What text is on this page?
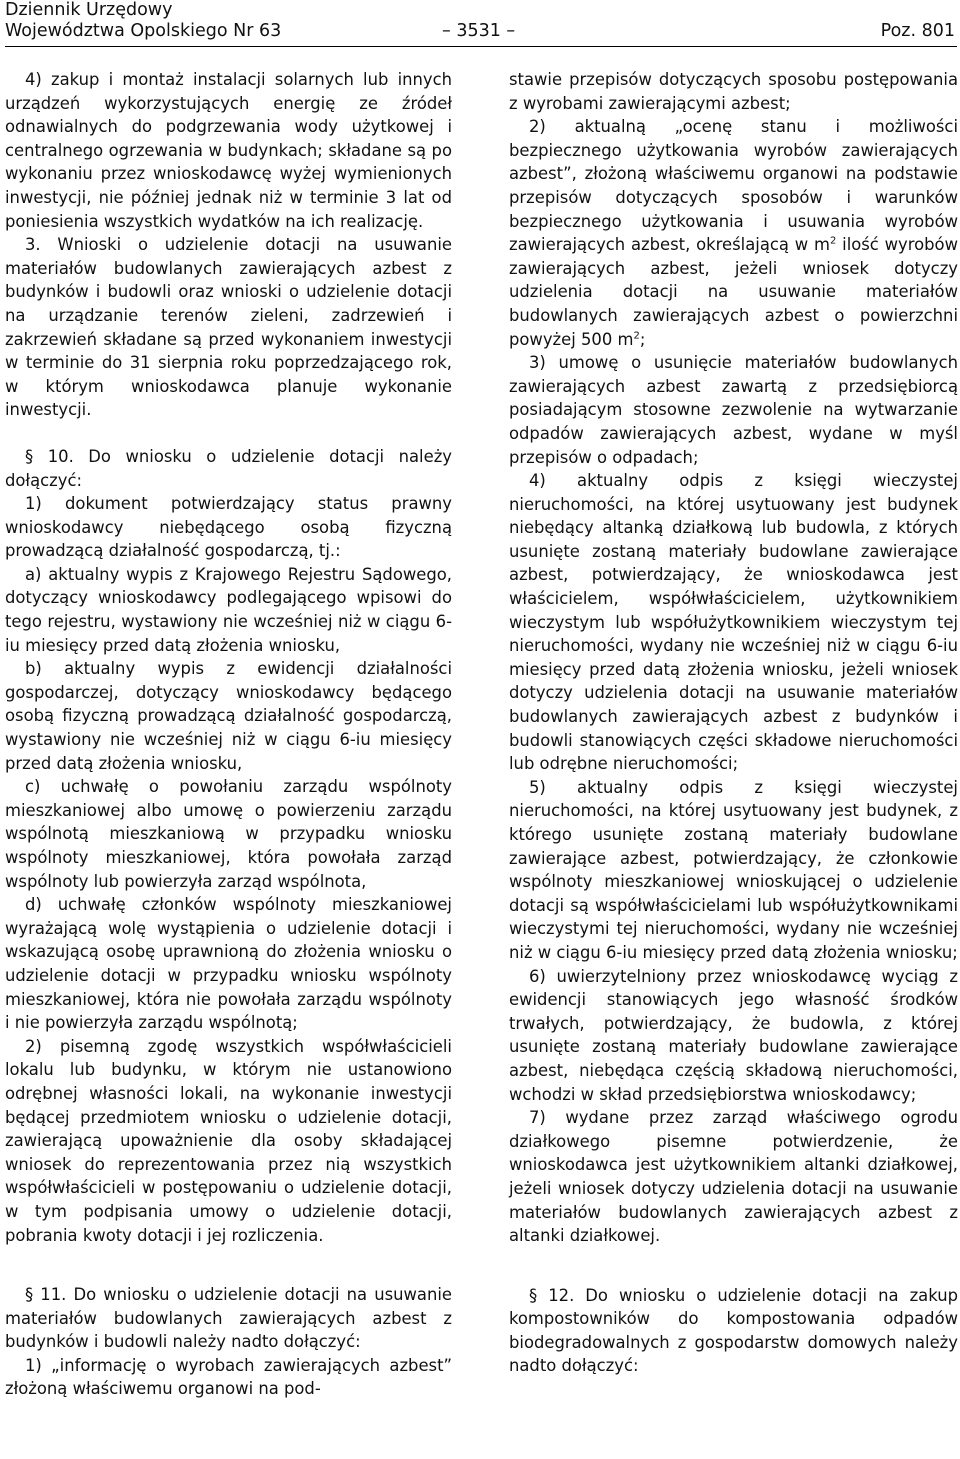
Dziennik Urzędowy
Województwa Opolskiego Nr 63	– 3531 –	Poz. 801

4) zakup i montaż instalacji solarnych lub innych urządzeń wykorzystujących energię ze źródeł odnawialnych do podgrzewania wody użytkowej i centralnego ogrzewania w budynkach; składane są po wykonaniu przez wnioskodawcę wyżej wymienionych inwestycji, nie później jednak niż w terminie 3 lat od poniesienia wszystkich wydatków na ich realizację.

3. Wnioski o udzielenie dotacji na usuwanie materiałów budowlanych zawierających azbest z budynków i budowli oraz wnioski o udzielenie dotacji na urządzanie terenów zieleni, zadrzewień i zakrzewień składane są przed wykonaniem inwestycji w terminie do 31 sierpnia roku poprzedzającego rok, w którym wnioskodawca planuje wykonanie inwestycji.

§ 10. Do wniosku o udzielenie dotacji należy dołączyć:

1) dokument potwierdzający status prawny wnioskodawcy niebędącego osobą fizyczną prowadzącą działalność gospodarczą, tj.:

a) aktualny wypis z Krajowego Rejestru Sądowego, dotyczący wnioskodawcy podlegającego wpisowi do tego rejestru, wystawiony nie wcześniej niż w ciągu 6-iu miesięcy przed datą złożenia wniosku,

b) aktualny wypis z ewidencji działalności gospodarczej, dotyczący wnioskodawcy będącego osobą fizyczną prowadzącą działalność gospodarczą, wystawiony nie wcześniej niż w ciągu 6-iu miesięcy przed datą złożenia wniosku,

c) uchwałę o powołaniu zarządu wspólnoty mieszkaniowej albo umowę o powierzeniu zarządu wspólnotą mieszkaniową w przypadku wniosku wspólnoty mieszkaniowej, która powołała zarząd wspólnoty lub powierzyła zarząd wspólnota,

d) uchwałę członków wspólnoty mieszkaniowej wyrażającą wolę wystąpienia o udzielenie dotacji i wskazującą osobę uprawnioną do złożenia wniosku o udzielenie dotacji w przypadku wniosku wspólnoty mieszkaniowej, która nie powołała zarządu wspólnoty i nie powierzyła zarządu wspólnotą;

2) pisemną zgodę wszystkich współwłaścicieli lokalu lub budynku, w którym nie ustanowiono odrębnej własności lokali, na wykonanie inwestycji będącej przedmiotem wniosku o udzielenie dotacji, zawierającą upoważnienie dla osoby składającej wniosek do reprezentowania przez nią wszystkich współwłaścicieli w postępowaniu o udzielenie dotacji, w tym podpisania umowy o udzielenie dotacji, pobrania kwoty dotacji i jej rozliczenia.

§ 11. Do wniosku o udzielenie dotacji na usuwanie materiałów budowlanych zawierających azbest z budynków i budowli należy nadto dołączyć:

1) „informację o wyrobach zawierających azbest” złożoną właściwemu organowi na pod-

stawie przepisów dotyczących sposobu postępowania z wyrobami zawierającymi azbest;

2) aktualną „ocenę stanu i możliwości bezpiecznego użytkowania wyrobów zawierających azbest”, złożoną właściwemu organowi na podstawie przepisów dotyczących sposobów i warunków bezpiecznego użytkowania i usuwania wyrobów zawierających azbest, określającą w $m^2$ ilość wyrobów zawierających azbest, jeżeli wniosek dotyczy udzielenia dotacji na usuwanie materiałów budowlanych zawierających azbest o powierzchni powyżej 500 $m^2$;

3) umowę o usunięcie materiałów budowlanych zawierających azbest zawartą z przedsiębiorcą posiadającym stosowne zezwolenie na wytwarzanie odpadów zawierających azbest, wydane w myśl przepisów o odpadach;

4) aktualny odpis z księgi wieczystej nieruchomości, na której usytuowany jest budynek niebędący altanką działkową lub budowla, z których usunięte zostaną materiały budowlane zawierające azbest, potwierdzający, że wnioskodawca jest właścicielem, współwłaścicielem, użytkownikiem wieczystym lub współużytkownikiem wieczystym tej nieruchomości, wydany nie wcześniej niż w ciągu 6-iu miesięcy przed datą złożenia wniosku, jeżeli wniosek dotyczy udzielenia dotacji na usuwanie materiałów budowlanych zawierających azbest z budynków i budowli stanowiących części składowe nieruchomości lub odrębne nieruchomości;

5) aktualny odpis z księgi wieczystej nieruchomości, na której usytuowany jest budynek, z którego usunięte zostaną materiały budowlane zawierające azbest, potwierdzający, że członkowie wspólnoty mieszkaniowej wnioskującej o udzielenie dotacji są współwłaścicielami lub współużytkownikami wieczystymi tej nieruchomości, wydany nie wcześniej niż w ciągu 6-iu miesięcy przed datą złożenia wniosku;

6) uwierzytelniony przez wnioskodawcę wyciąg z ewidencji stanowiących jego własność środków trwałych, potwierdzający, że budowla, z której usunięte zostaną materiały budowlane zawierające azbest, niebędąca częścią składową nieruchomości, wchodzi w skład przedsiębiorstwa wnioskodawcy;

7) wydane przez zarząd właściwego ogrodu działkowego pisemne potwierdzenie, że wnioskodawca jest użytkownikiem altanki działkowej, jeżeli wniosek dotyczy udzielenia dotacji na usuwanie materiałów budowlanych zawierających azbest z altanki działkowej.

§ 12. Do wniosku o udzielenie dotacji na zakup kompostowników do kompostowania odpadów biodegradowalnych z gospodarstw domowych należy nadto dołączyć:
